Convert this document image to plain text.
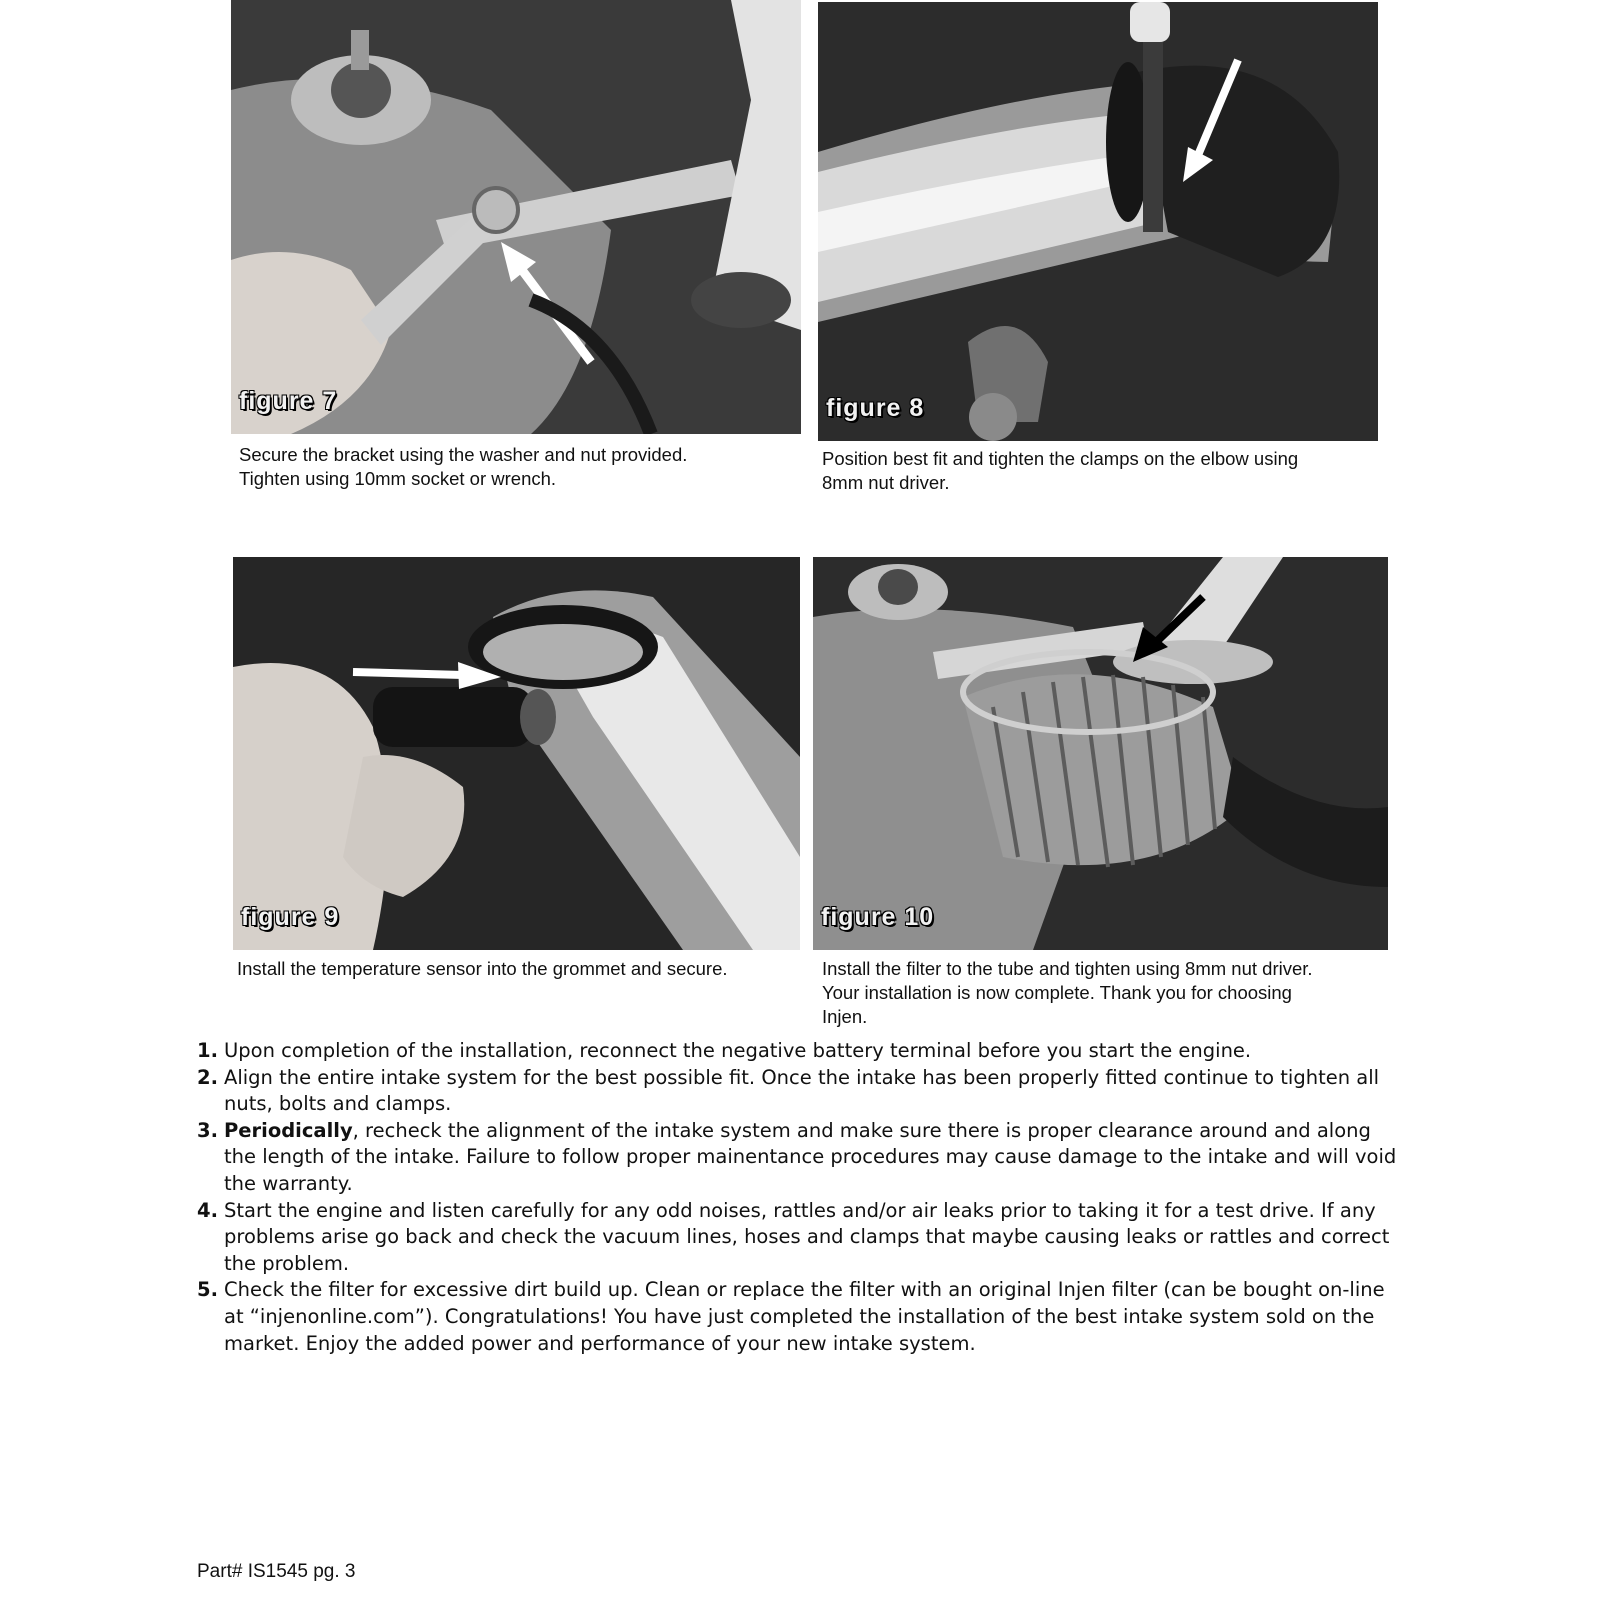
figure 7
Secure the bracket using the washer and nut provided.
Tighten using 10mm socket or wrench.
figure 8
Position best fit and tighten the clamps on the elbow using
8mm nut driver.
figure 9
Install the temperature sensor into the grommet and secure.
figure 10
Install the filter to the tube and tighten using 8mm nut driver.
Your installation is now complete. Thank you for choosing
Injen.
1. Upon completion of the installation, reconnect the negative battery terminal before you start the engine.
2. Align the entire intake system for the best possible fit. Once the intake has been properly fitted continue to tighten all nuts, bolts and clamps.
3. Periodically, recheck the alignment of the intake system and make sure there is proper clearance around and along the length of the intake. Failure to follow proper mainentance procedures may cause damage to the intake and will void the warranty.
4. Start the engine and listen carefully for any odd noises, rattles and/or air leaks prior to taking it for a test drive. If any problems arise go back and check the vacuum lines, hoses and clamps that maybe causing leaks or rattles and correct the problem.
5. Check the filter for excessive dirt build up. Clean or replace the filter with an original Injen filter (can be bought on-line at “injenonline.com”). Congratulations! You have just completed the installation of the best intake system sold on the market. Enjoy the added power and performance of your new intake system.
Part# IS1545 pg. 3
